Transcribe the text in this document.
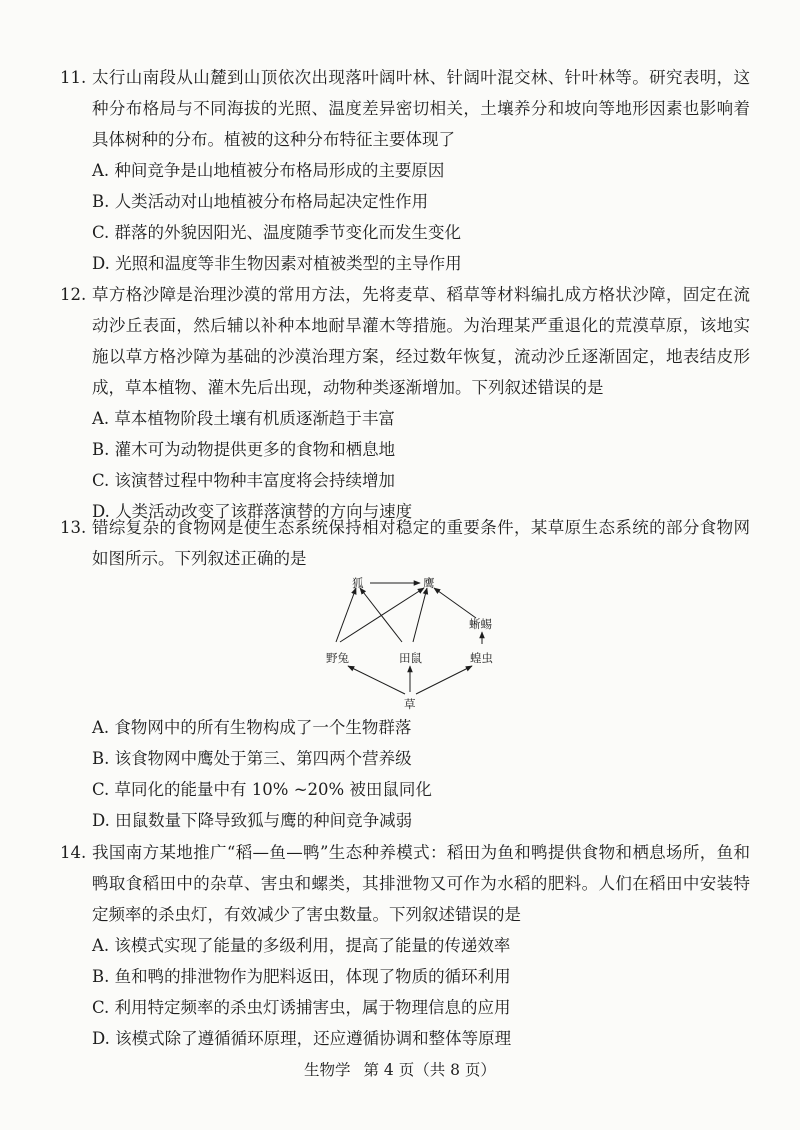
11. 太行山南段从山麓到山顶依次出现落叶阔叶林、针阔叶混交林、针叶林等。研究表明，这种分布格局与不同海拔的光照、温度差异密切相关，土壤养分和坡向等地形因素也影响着具体树种的分布。植被的这种分布特征主要体现了
A. 种间竞争是山地植被分布格局形成的主要原因
B. 人类活动对山地植被分布格局起决定性作用
C. 群落的外貌因阳光、温度随季节变化而发生变化
D. 光照和温度等非生物因素对植被类型的主导作用
12. 草方格沙障是治理沙漠的常用方法，先将麦草、稻草等材料编扎成方格状沙障，固定在流动沙丘表面，然后辅以补种本地耐旱灌木等措施。为治理某严重退化的荒漠草原，该地实施以草方格沙障为基础的沙漠治理方案，经过数年恢复，流动沙丘逐渐固定，地表结皮形成，草本植物、灌木先后出现，动物种类逐渐增加。下列叙述错误的是
A. 草本植物阶段土壤有机质逐渐趋于丰富
B. 灌木可为动物提供更多的食物和栖息地
C. 该演替过程中物种丰富度将会持续增加
D. 人类活动改变了该群落演替的方向与速度
13. 错综复杂的食物网是使生态系统保持相对稳定的重要条件，某草原生态系统的部分食物网如图所示。下列叙述正确的是
狐	鹰
蜥蜴
野兔	田鼠	蝗虫
草
A. 食物网中的所有生物构成了一个生物群落
B. 该食物网中鹰处于第三、第四两个营养级
C. 草同化的能量中有 10% ~20% 被田鼠同化
D. 田鼠数量下降导致狐与鹰的种间竞争减弱
14. 我国南方某地推广“稻—鱼—鸭”生态种养模式：稻田为鱼和鸭提供食物和栖息场所，鱼和鸭取食稻田中的杂草、害虫和螺类，其排泄物又可作为水稻的肥料。人们在稻田中安装特定频率的杀虫灯，有效减少了害虫数量。下列叙述错误的是
A. 该模式实现了能量的多级利用，提高了能量的传递效率
B. 鱼和鸭的排泄物作为肥料返田，体现了物质的循环利用
C. 利用特定频率的杀虫灯诱捕害虫，属于物理信息的应用
D. 该模式除了遵循循环原理，还应遵循协调和整体等原理
生物学 第 4 页（共 8 页）
